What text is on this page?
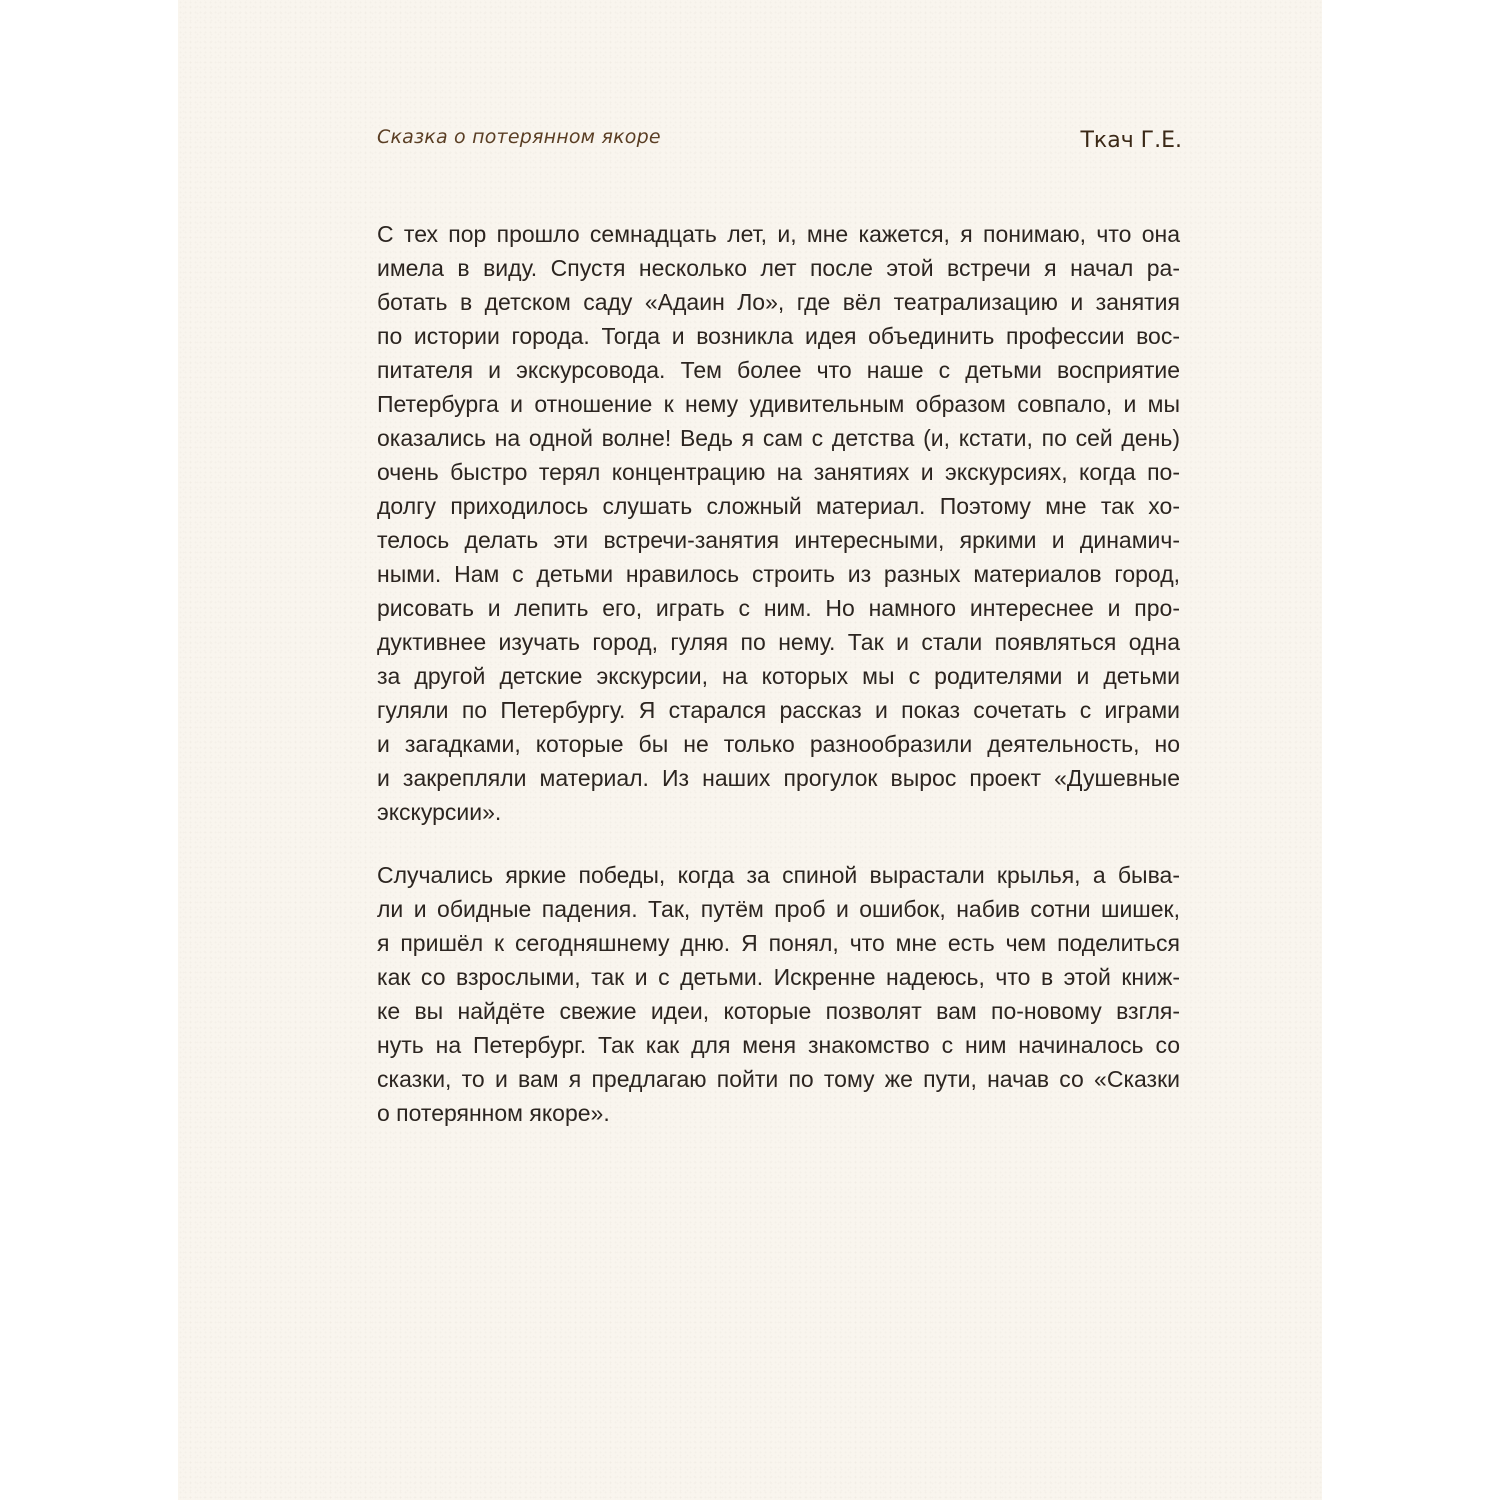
Сказка о потерянном якоре	Ткач Г.Е.
С тех пор прошло семнадцать лет, и, мне кажется, я понимаю, что она
имела в виду. Спустя несколько лет после этой встречи я начал ра-
ботать в детском саду «Адаин Ло», где вёл театрализацию и занятия
по истории города. Тогда и возникла идея объединить профессии вос-
питателя и экскурсовода. Тем более что наше с детьми восприятие
Петербурга и отношение к нему удивительным образом совпало, и мы
оказались на одной волне! Ведь я сам с детства (и, кстати, по сей день)
очень быстро терял концентрацию на занятиях и экскурсиях, когда по-
долгу приходилось слушать сложный материал. Поэтому мне так хо-
телось делать эти встречи-занятия интересными, яркими и динамич-
ными. Нам с детьми нравилось строить из разных материалов город,
рисовать и лепить его, играть с ним. Но намного интереснее и про-
дуктивнее изучать город, гуляя по нему. Так и стали появляться одна
за другой детские экскурсии, на которых мы с родителями и детьми
гуляли по Петербургу. Я старался рассказ и показ сочетать с играми
и загадками, которые бы не только разнообразили деятельность, но
и закрепляли материал. Из наших прогулок вырос проект «Душевные
экскурсии».
Случались яркие победы, когда за спиной вырастали крылья, а быва-
ли и обидные падения. Так, путём проб и ошибок, набив сотни шишек,
я пришёл к сегодняшнему дню. Я понял, что мне есть чем поделиться
как со взрослыми, так и с детьми. Искренне надеюсь, что в этой книж-
ке вы найдёте свежие идеи, которые позволят вам по-новому взгля-
нуть на Петербург. Так как для меня знакомство с ним начиналось со
сказки, то и вам я предлагаю пойти по тому же пути, начав со «Сказки
о потерянном якоре».
